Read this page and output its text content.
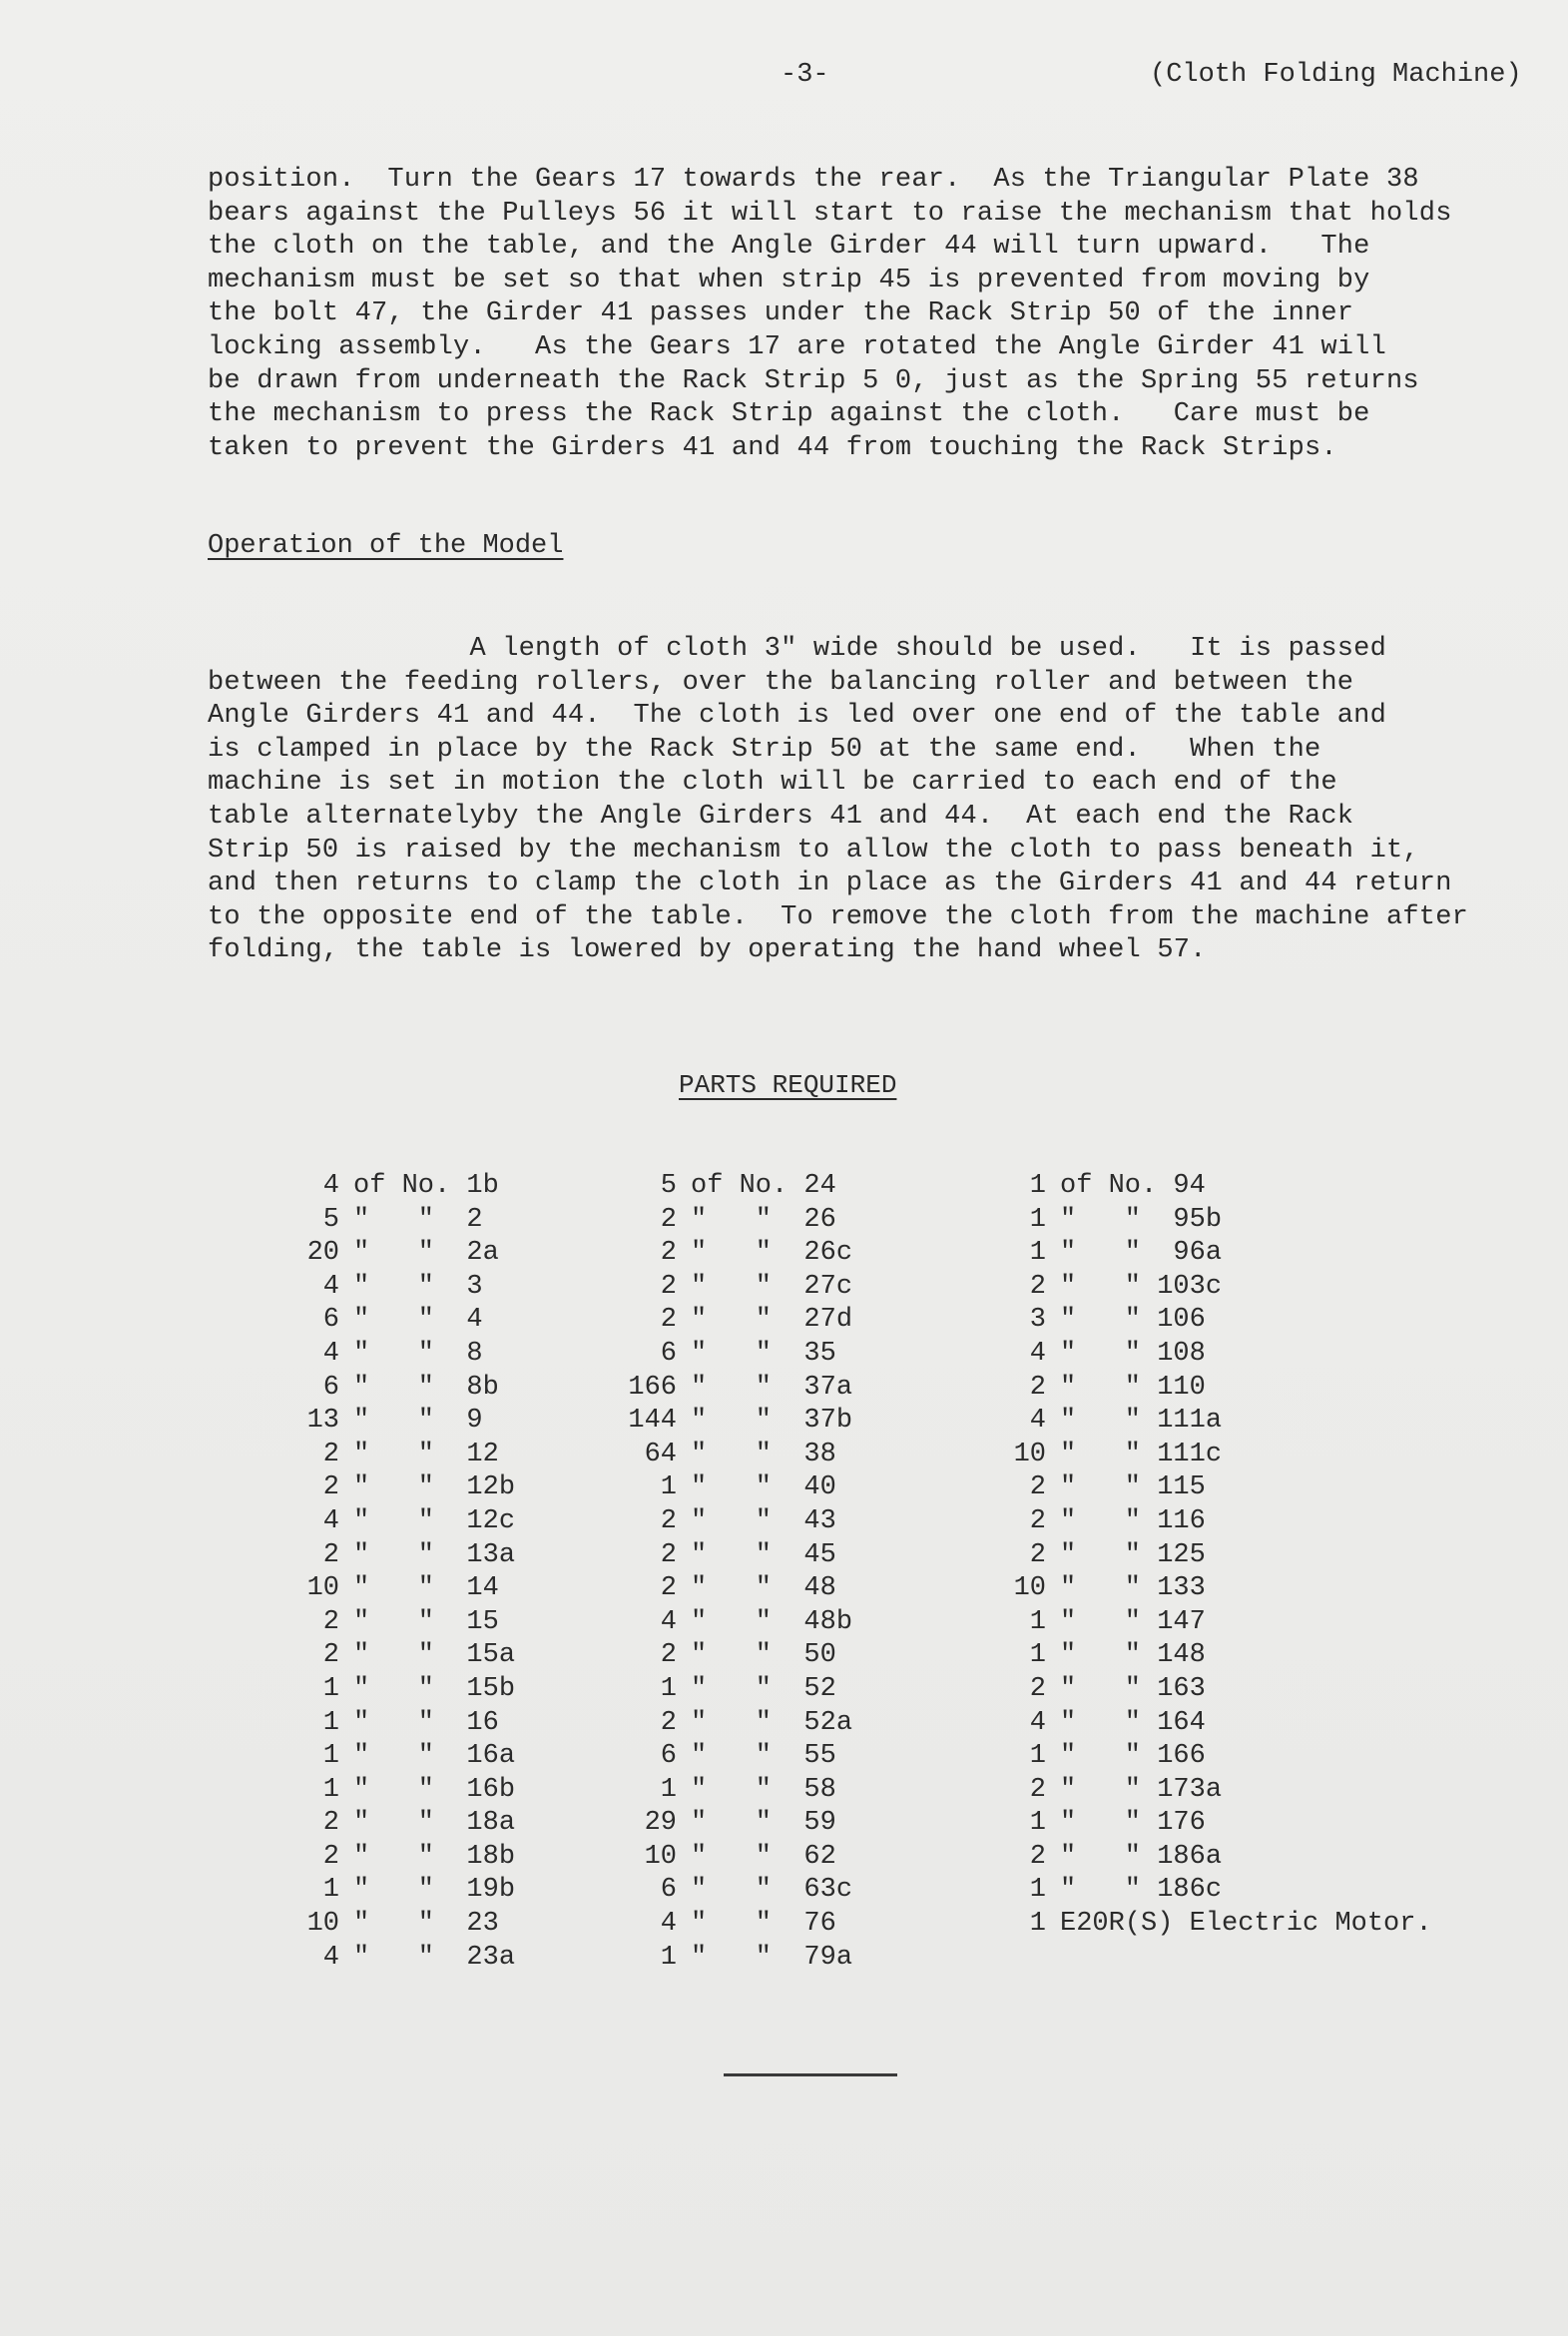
-3-	(Cloth Folding Machine)
position.  Turn the Gears 17 towards the rear.  As the Triangular Plate 38
bears against the Pulleys 56 it will start to raise the mechanism that holds
the cloth on the table, and the Angle Girder 44 will turn upward.   The
mechanism must be set so that when strip 45 is prevented from moving by
the bolt 47, the Girder 41 passes under the Rack Strip 50 of the inner
locking assembly.   As the Gears 17 are rotated the Angle Girder 41 will
be drawn from underneath the Rack Strip 5 0, just as the Spring 55 returns
the mechanism to press the Rack Strip against the cloth.   Care must be
taken to prevent the Girders 41 and 44 from touching the Rack Strips.
Operation of the Model
A length of cloth 3" wide should be used.   It is passed
between the feeding rollers, over the balancing roller and between the
Angle Girders 41 and 44.  The cloth is led over one end of the table and
is clamped in place by the Rack Strip 50 at the same end.   When the
machine is set in motion the cloth will be carried to each end of the
table alternatelyby the Angle Girders 41 and 44.  At each end the Rack
Strip 50 is raised by the mechanism to allow the cloth to pass beneath it,
and then returns to clamp the cloth in place as the Girders 41 and 44 return
to the opposite end of the table.  To remove the cloth from the machine after
folding, the table is lowered by operating the hand wheel 57.
PARTS REQUIRED
4 of No. 1b
5 "   "  2
20 "   "  2a
4 "   "  3
6 "   "  4
4 "   "  8
6 "   "  8b
13 "   "  9
2 "   "  12
2 "   "  12b
4 "   "  12c
2 "   "  13a
10 "   "  14
2 "   "  15
2 "   "  15a
1 "   "  15b
1 "   "  16
1 "   "  16a
1 "   "  16b
2 "   "  18a
2 "   "  18b
1 "   "  19b
10 "   "  23
4 "   "  23a
5 of No. 24
2 "   "  26
2 "   "  26c
2 "   "  27c
2 "   "  27d
6 "   "  35
166 "   "  37a
144 "   "  37b
64 "   "  38
1 "   "  40
2 "   "  43
2 "   "  45
2 "   "  48
4 "   "  48b
2 "   "  50
1 "   "  52
2 "   "  52a
6 "   "  55
1 "   "  58
29 "   "  59
10 "   "  62
6 "   "  63c
4 "   "  76
1 "   "  79a
1 of No. 94
1 "   "  95b
1 "   "  96a
2 "   " 103c
3 "   " 106
4 "   " 108
2 "   " 110
4 "   " 111a
10 "   " 111c
2 "   " 115
2 "   " 116
2 "   " 125
10 "   " 133
1 "   " 147
1 "   " 148
2 "   " 163
4 "   " 164
1 "   " 166
2 "   " 173a
1 "   " 176
2 "   " 186a
1 "   " 186c
1 E20R(S) Electric Motor.
